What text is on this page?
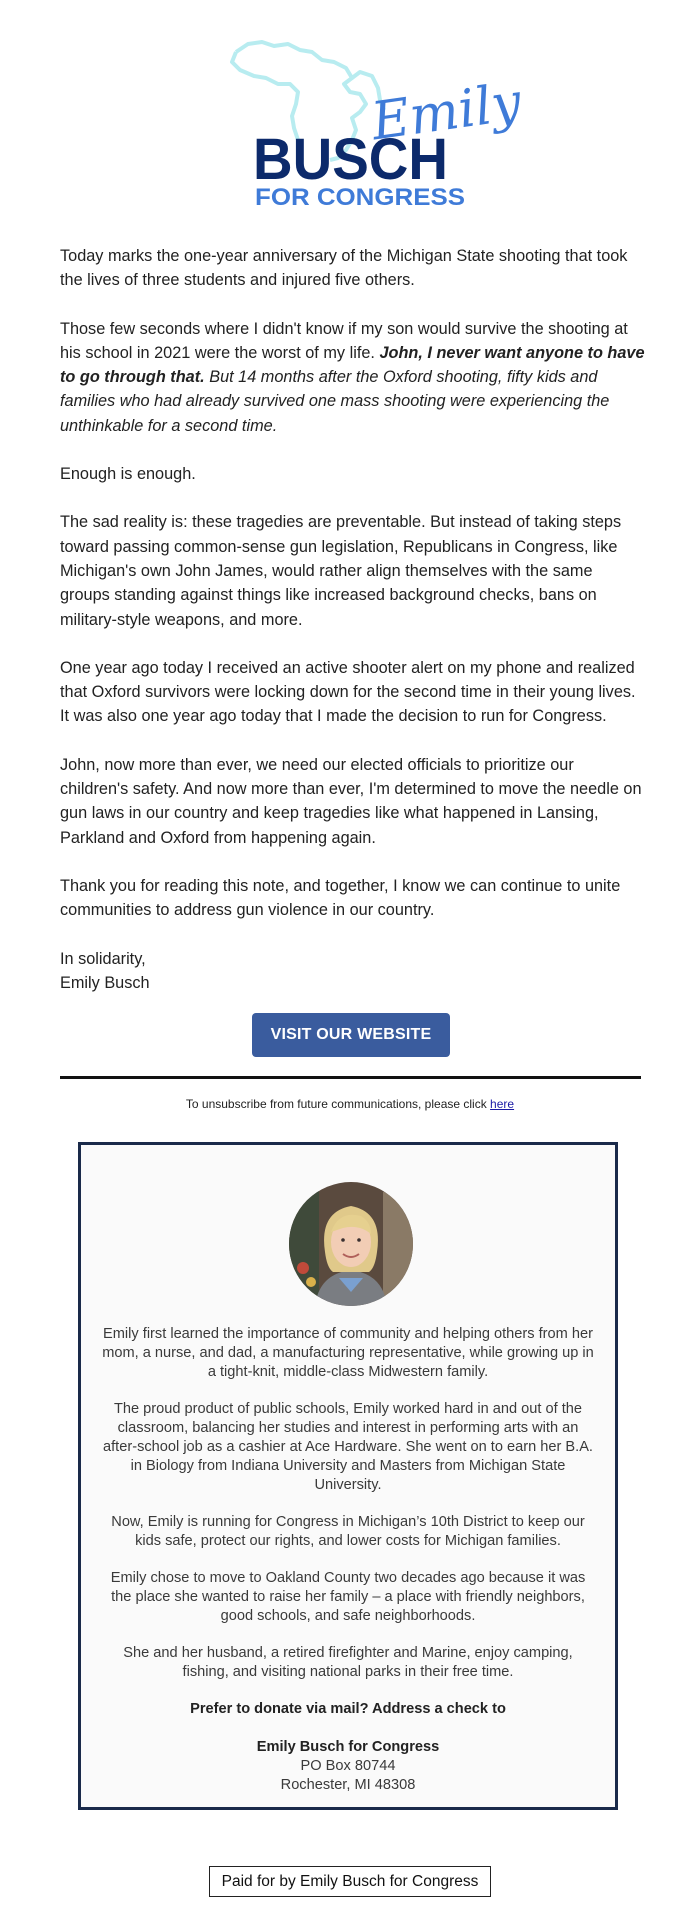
Emily
BUSCH
FOR CONGRESS

Today marks the one-year anniversary of the Michigan State shooting that took the lives of three students and injured five others.

Those few seconds where I didn't know if my son would survive the shooting at his school in 2021 were the worst of my life. John, I never want anyone to have to go through that. But 14 months after the Oxford shooting, fifty kids and families who had already survived one mass shooting were experiencing the unthinkable for a second time.

Enough is enough.

The sad reality is: these tragedies are preventable. But instead of taking steps toward passing common-sense gun legislation, Republicans in Congress, like Michigan's own John James, would rather align themselves with the same groups standing against things like increased background checks, bans on military-style weapons, and more.

One year ago today I received an active shooter alert on my phone and realized that Oxford survivors were locking down for the second time in their young lives. It was also one year ago today that I made the decision to run for Congress.

John, now more than ever, we need our elected officials to prioritize our children's safety. And now more than ever, I'm determined to move the needle on gun laws in our country and keep tragedies like what happened in Lansing, Parkland and Oxford from happening again.

Thank you for reading this note, and together, I know we can continue to unite communities to address gun violence in our country.

In solidarity,

Emily Busch

VISIT OUR WEBSITE
To unsubscribe from future communications, please click here

Emily first learned the importance of community and helping others from her mom, a nurse, and dad, a manufacturing representative, while growing up in a tight-knit, middle-class Midwestern family.

The proud product of public schools, Emily worked hard in and out of the classroom, balancing her studies and interest in performing arts with an after-school job as a cashier at Ace Hardware. She went on to earn her B.A. in Biology from Indiana University and Masters from Michigan State University.

Now, Emily is running for Congress in Michigan’s 10th District to keep our kids safe, protect our rights, and lower costs for Michigan families.

Emily chose to move to Oakland County two decades ago because it was the place she wanted to raise her family – a place with friendly neighbors, good schools, and safe neighborhoods.

She and her husband, a retired firefighter and Marine, enjoy camping, fishing, and visiting national parks in their free time.

Prefer to donate via mail? Address a check to

Emily Busch for Congress
PO Box 80744
Rochester, MI 48308

Paid for by Emily Busch for Congress
